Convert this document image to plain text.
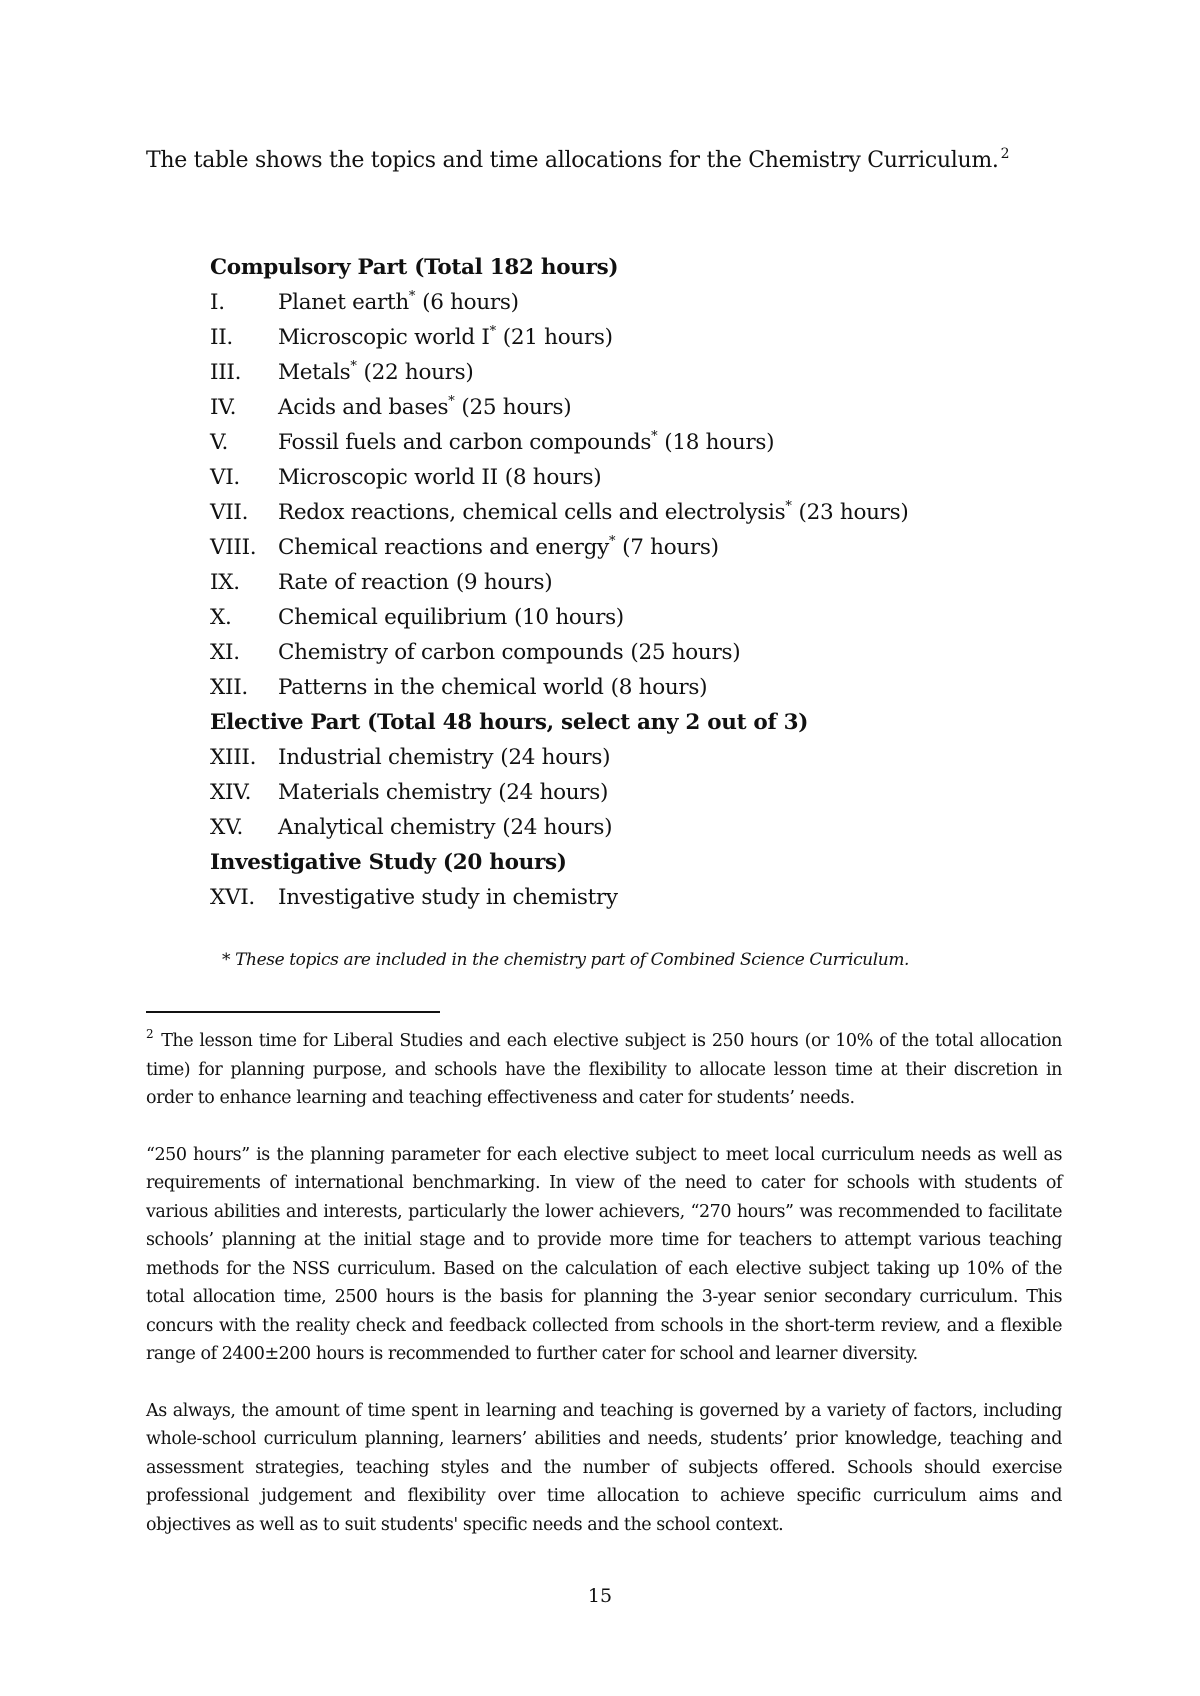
The table shows the topics and time allocations for the Chemistry Curriculum. $^2$
Compulsory Part (Total 182 hours)
I.	Planet earth* (6 hours)
II.	Microscopic world I* (21 hours)
III.	Metals* (22 hours)
IV.	Acids and bases* (25 hours)
V.	Fossil fuels and carbon compounds* (18 hours)
VI.	Microscopic world II (8 hours)
VII.	Redox reactions, chemical cells and electrolysis* (23 hours)
VIII.	Chemical reactions and energy* (7 hours)
IX.	Rate of reaction (9 hours)
X.	Chemical equilibrium (10 hours)
XI.	Chemistry of carbon compounds (25 hours)
XII.	Patterns in the chemical world (8 hours)
Elective Part (Total 48 hours, select any 2 out of 3)
XIII.	Industrial chemistry (24 hours)
XIV.	Materials chemistry (24 hours)
XV.	Analytical chemistry (24 hours)
Investigative Study (20 hours)
XVI.	Investigative study in chemistry
* These topics are included in the chemistry part of Combined Science Curriculum.

$^2$ The lesson time for Liberal Studies and each elective subject is 250 hours (or 10% of the total allocation time) for planning purpose, and schools have the flexibility to allocate lesson time at their discretion in order to enhance learning and teaching effectiveness and cater for students’ needs.

“250 hours” is the planning parameter for each elective subject to meet local curriculum needs as well as requirements of international benchmarking. In view of the need to cater for schools with students of various abilities and interests, particularly the lower achievers, “270 hours” was recommended to facilitate schools’ planning at the initial stage and to provide more time for teachers to attempt various teaching methods for the NSS curriculum. Based on the calculation of each elective subject taking up 10% of the total allocation time, 2500 hours is the basis for planning the 3-year senior secondary curriculum. This concurs with the reality check and feedback collected from schools in the short-term review, and a flexible range of 2400±200 hours is recommended to further cater for school and learner diversity.

As always, the amount of time spent in learning and teaching is governed by a variety of factors, including whole-school curriculum planning, learners’ abilities and needs, students’ prior knowledge, teaching and assessment strategies, teaching styles and the number of subjects offered. Schools should exercise professional judgement and flexibility over time allocation to achieve specific curriculum aims and objectives as well as to suit students' specific needs and the school context.

15
